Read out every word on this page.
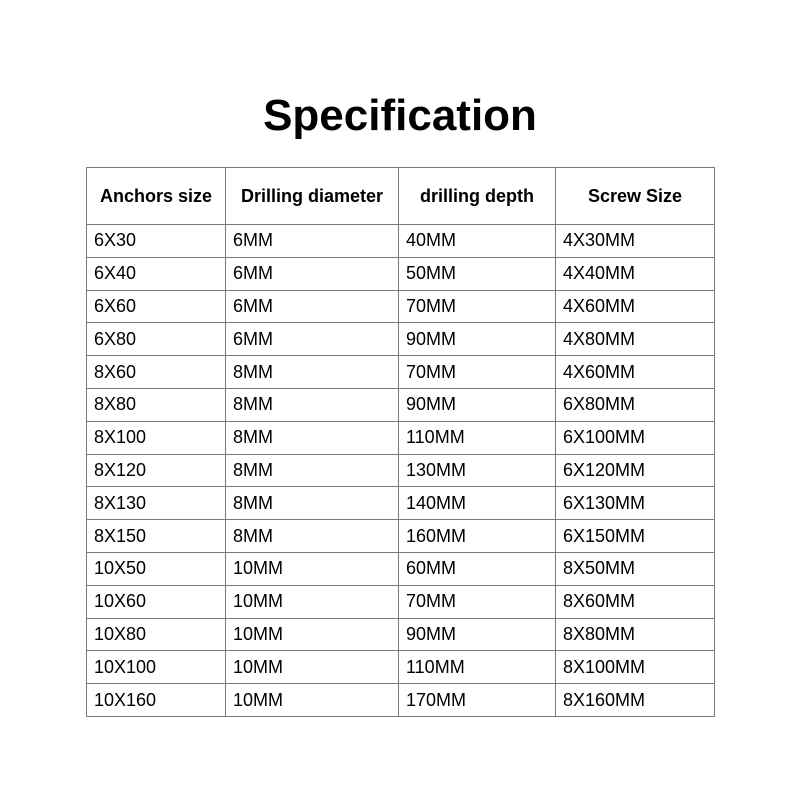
Specification
Anchors size	Drilling diameter	drilling depth	Screw Size
6X30	6MM	40MM	4X30MM
6X40	6MM	50MM	4X40MM
6X60	6MM	70MM	4X60MM
6X80	6MM	90MM	4X80MM
8X60	8MM	70MM	4X60MM
8X80	8MM	90MM	6X80MM
8X100	8MM	110MM	6X100MM
8X120	8MM	130MM	6X120MM
8X130	8MM	140MM	6X130MM
8X150	8MM	160MM	6X150MM
10X50	10MM	60MM	8X50MM
10X60	10MM	70MM	8X60MM
10X80	10MM	90MM	8X80MM
10X100	10MM	110MM	8X100MM
10X160	10MM	170MM	8X160MM
